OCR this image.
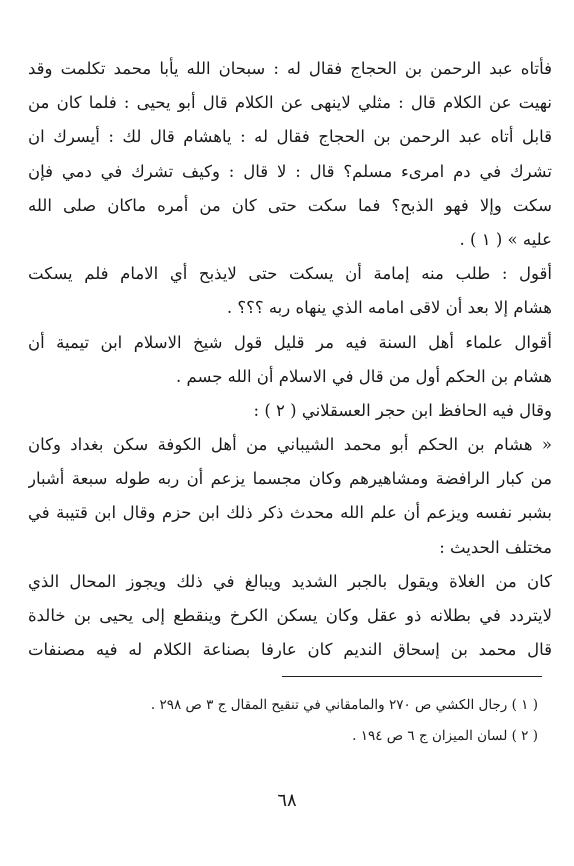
فأتاه عبد الرحمن بن الحجاج فقال له : سبحان الله يأبا محمد تكلمت وقد
نهيت عن الكلام قال : مثلي لاينهى عن الكلام قال أبو يحيى : فلما كان من
قابل أتاه عبد الرحمن بن الحجاج فقال له : ياهشام قال لك : أيسرك ان
تشرك في دم امرىء مسلم؟ قال : لا قال : وكيف تشرك في دمي فإن
سكت وإلا فهو الذبح؟ فما سكت حتى كان من أمره ماكان صلى الله
عليه » ( ١ ) .
أقول : طلب منه إمامة أن يسكت حتى لايذبح أي الامام فلم يسكت
هشام إلا بعد أن لاقى امامه الذي ينهاه ربه ؟؟؟ .
أقوال علماء أهل السنة فيه مر قليل قول شيخ الاسلام ابن تيمية أن
هشام بن الحكم أول من قال في الاسلام أن الله جسم .
وقال فيه الحافظ ابن حجر العسقلاني ( ٢ ) :
« هشام بن الحكم أبو محمد الشيباني من أهل الكوفة سكن بغداد وكان
من كبار الرافضة ومشاهيرهم وكان مجسما يزعم أن ربه طوله سبعة أشبار
بشبر نفسه ويزعم أن علم الله محدث ذكر ذلك ابن حزم وقال ابن قتيبة في
مختلف الحديث :
كان من الغلاة ويقول بالجبر الشديد ويبالغ في ذلك ويجوز المحال الذي
لايتردد في بطلانه ذو عقل وكان يسكن الكرخ وينقطع إلى يحيى بن خالدة
قال محمد بن إسحاق النديم كان عارفا بصناعة الكلام له فيه مصنفات
( ١ ) رجال الكشي ص ٢٧٠ والمامقاني في تنقيح المقال ج ٣ ص ٢٩٨ .
( ٢ ) لسان الميزان ج ٦ ص ١٩٤ .
٦٨
